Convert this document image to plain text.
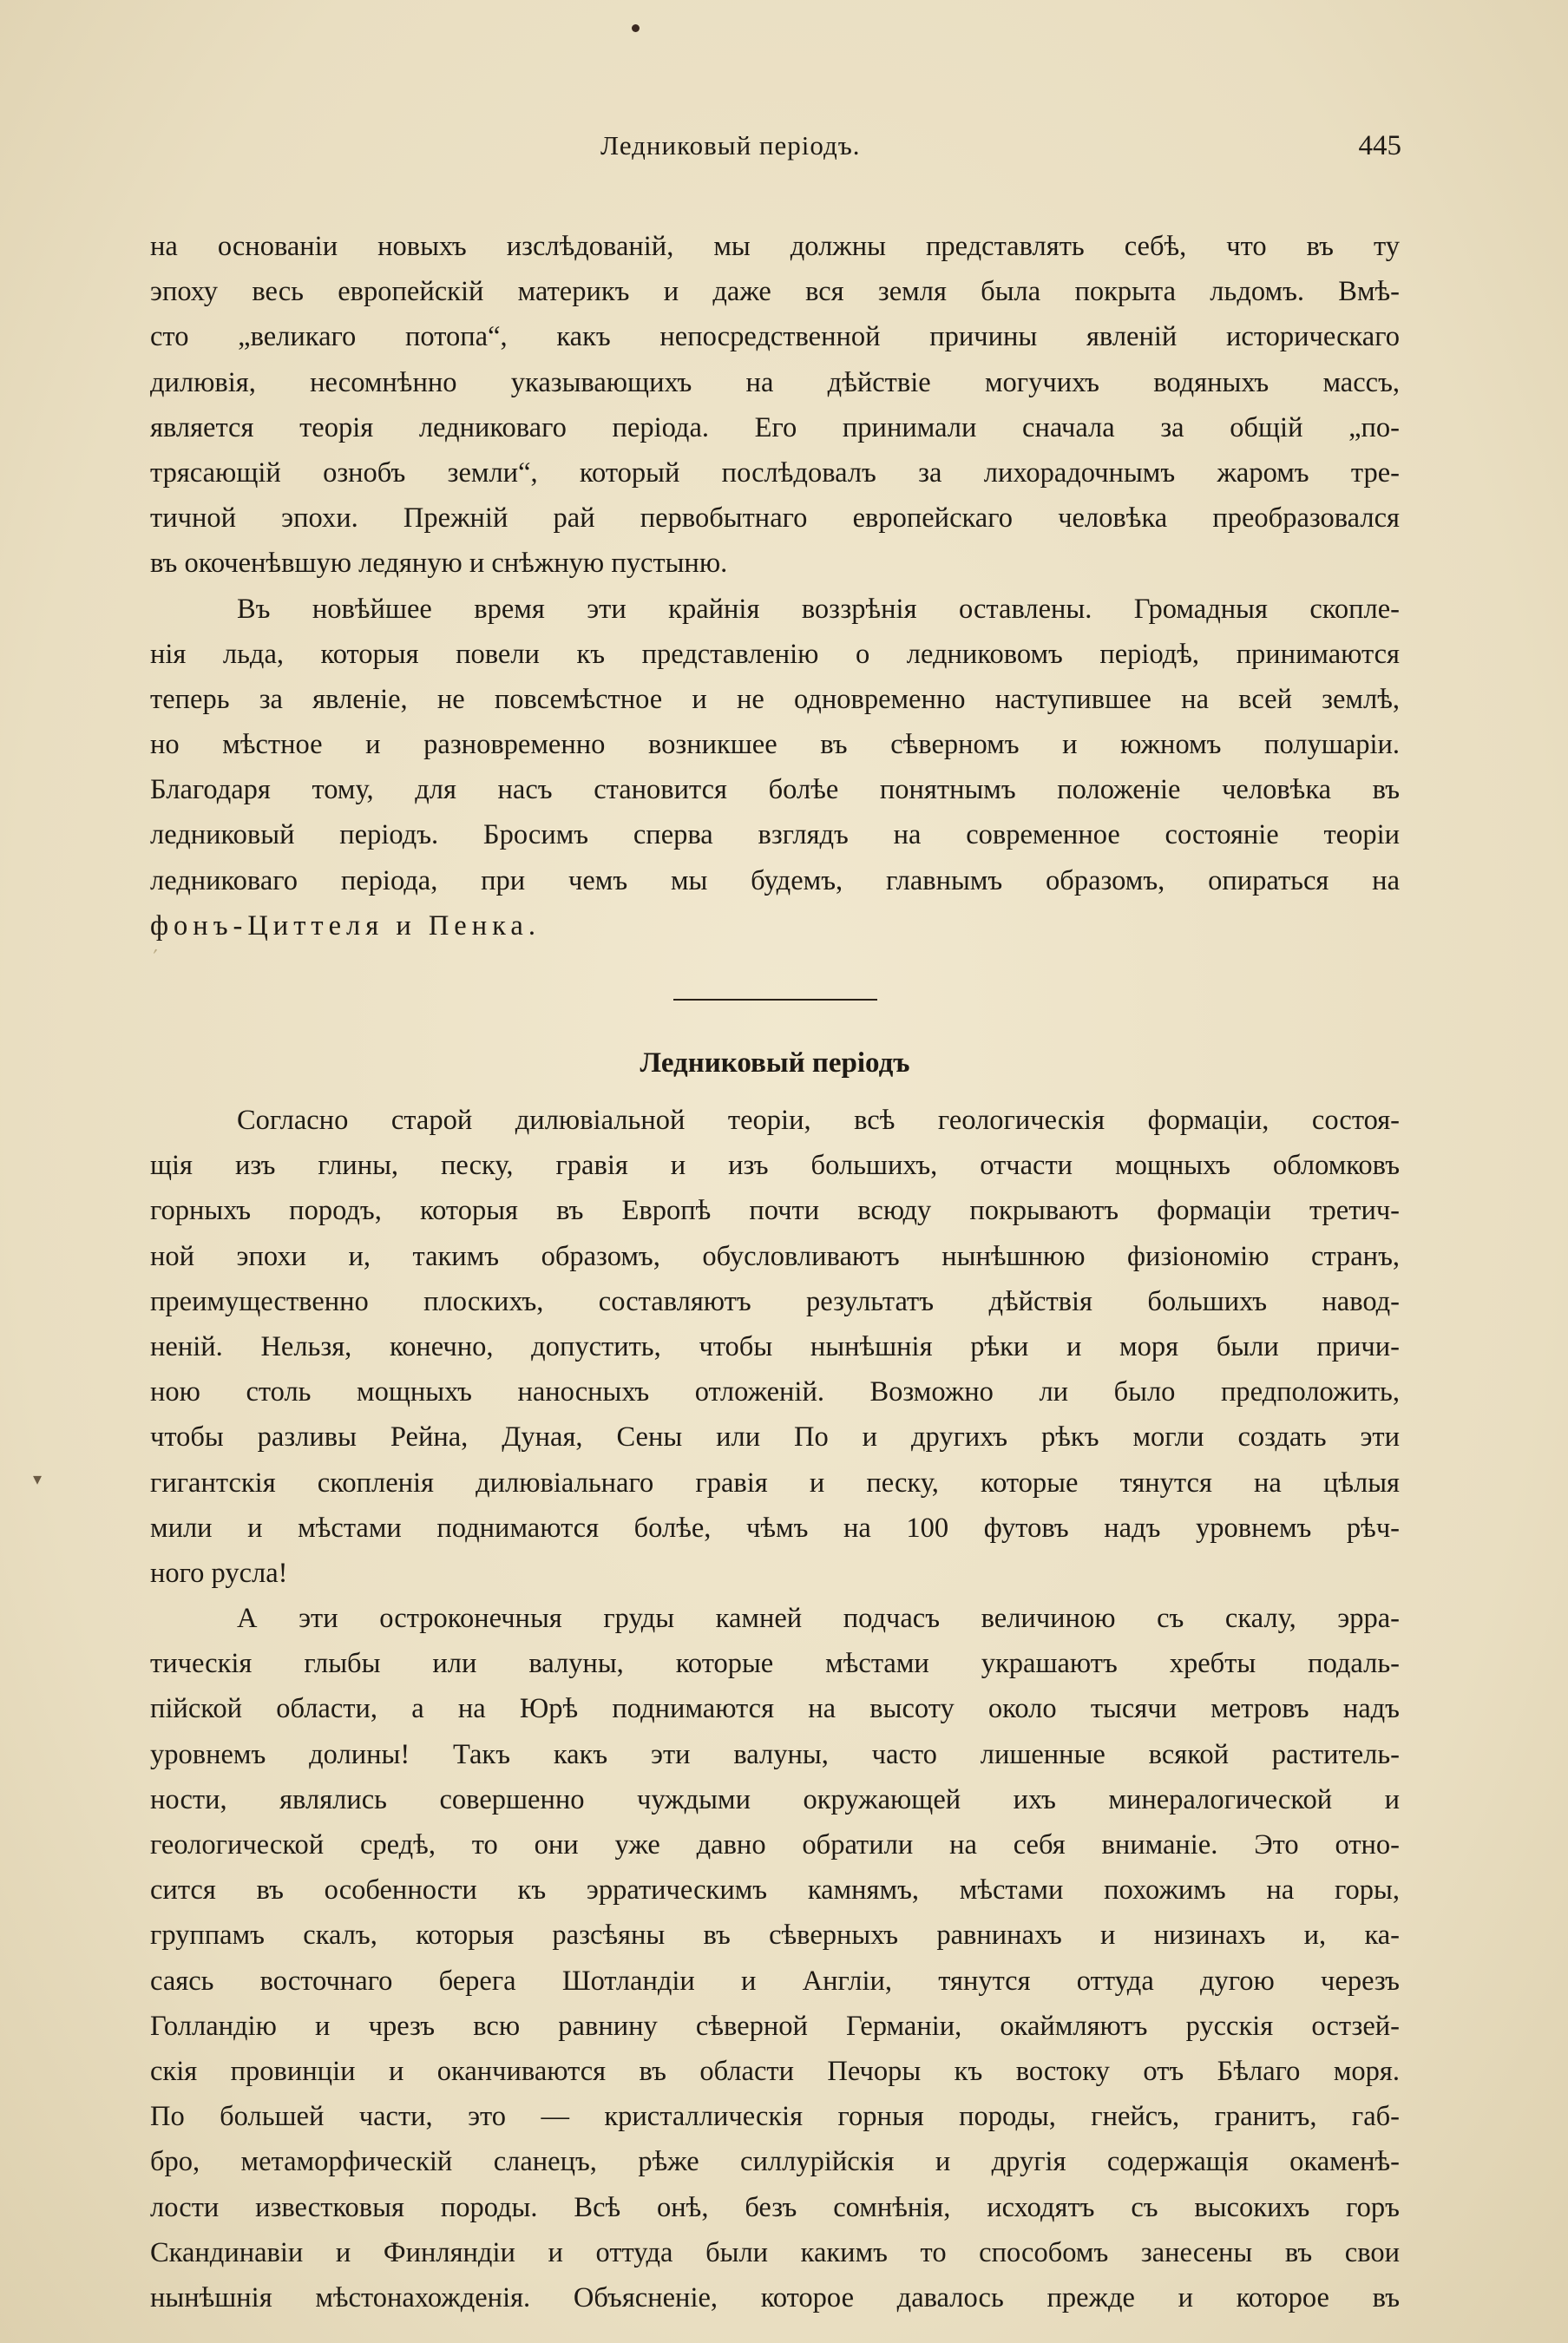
Ледниковый періодъ.	445
ʹ
▾
на основаніи новыхъ изслѣдованій, мы должны представлять себѣ, что въ ту
эпоху весь европейскій материкъ и даже вся земля была покрыта льдомъ. Вмѣ-
сто „великаго потопа“, какъ непосредственной причины явленій историческаго
дилювія, несомнѣнно указывающихъ на дѣйствіе могучихъ водяныхъ массъ,
является теорія ледниковаго періода. Его принимали сначала за общій „по-
трясающій ознобъ земли“, который послѣдовалъ за лихорадочнымъ жаромъ тре-
тичной эпохи. Прежній рай первобытнаго европейскаго человѣка преобразовался
въ окоченѣвшую ледяную и снѣжную пустыню.
Въ новѣйшее время эти крайнія воззрѣнія оставлены. Громадныя скопле-
нія льда, которыя повели къ представленію о ледниковомъ періодѣ, принимаются
теперь за явленіе, не повсемѣстное и не одновременно наступившее на всей землѣ,
но мѣстное и разновременно возникшее въ сѣверномъ и южномъ полушаріи.
Благодаря тому, для насъ становится болѣе понятнымъ положеніе человѣка въ
ледниковый періодъ. Бросимъ сперва взглядъ на современное состояніе теоріи
ледниковаго періода, при чемъ мы будемъ, главнымъ образомъ, опираться на
фонъ-Циттеля и Пенка.
Ледниковый періодъ
Согласно старой дилювіальной теоріи, всѣ геологическія формаціи, состоя-
щія изъ глины, песку, гравія и изъ большихъ, отчасти мощныхъ обломковъ
горныхъ породъ, которыя въ Европѣ почти всюду покрываютъ формаціи третич-
ной эпохи и, такимъ образомъ, обусловливаютъ нынѣшнюю физіономію странъ,
преимущественно плоскихъ, составляютъ результатъ дѣйствія большихъ навод-
неній. Нельзя, конечно, допустить, чтобы нынѣшнія рѣки и моря были причи-
ною столь мощныхъ наносныхъ отложеній. Возможно ли было предположить,
чтобы разливы Рейна, Дуная, Сены или По и другихъ рѣкъ могли создать эти
гигантскія скопленія дилювіальнаго гравія и песку, которые тянутся на цѣлыя
мили и мѣстами поднимаются болѣе, чѣмъ на 100 футовъ надъ уровнемъ рѣч-
ного русла!
А эти остроконечныя груды камней подчасъ величиною съ скалу, эрра-
тическія глыбы или валуны, которые мѣстами украшаютъ хребты подаль-
пійской области, а на Юрѣ поднимаются на высоту около тысячи метровъ надъ
уровнемъ долины! Такъ какъ эти валуны, часто лишенные всякой раститель-
ности, являлись совершенно чуждыми окружающей ихъ минералогической и
геологической средѣ, то они уже давно обратили на себя вниманіе. Это отно-
сится въ особенности къ эрратическимъ камнямъ, мѣстами похожимъ на горы,
группамъ скалъ, которыя разсѣяны въ сѣверныхъ равнинахъ и низинахъ и, ка-
саясь восточнаго берега Шотландіи и Англіи, тянутся оттуда дугою черезъ
Голландію и чрезъ всю равнину сѣверной Германіи, окаймляютъ русскія остзей-
скія провинціи и оканчиваются въ области Печоры къ востоку отъ Бѣлаго моря.
По большей части, это — кристаллическія горныя породы, гнейсъ, гранитъ, габ-
бро, метаморфическій сланецъ, рѣже силлурійскія и другія содержащія окаменѣ-
лости известковыя породы. Всѣ онѣ, безъ сомнѣнія, исходятъ съ высокихъ горъ
Скандинавіи и Финляндіи и оттуда были какимъ то способомъ занесены въ свои
нынѣшнія мѣстонахожденія. Объясненіе, которое давалось прежде и которое въ
